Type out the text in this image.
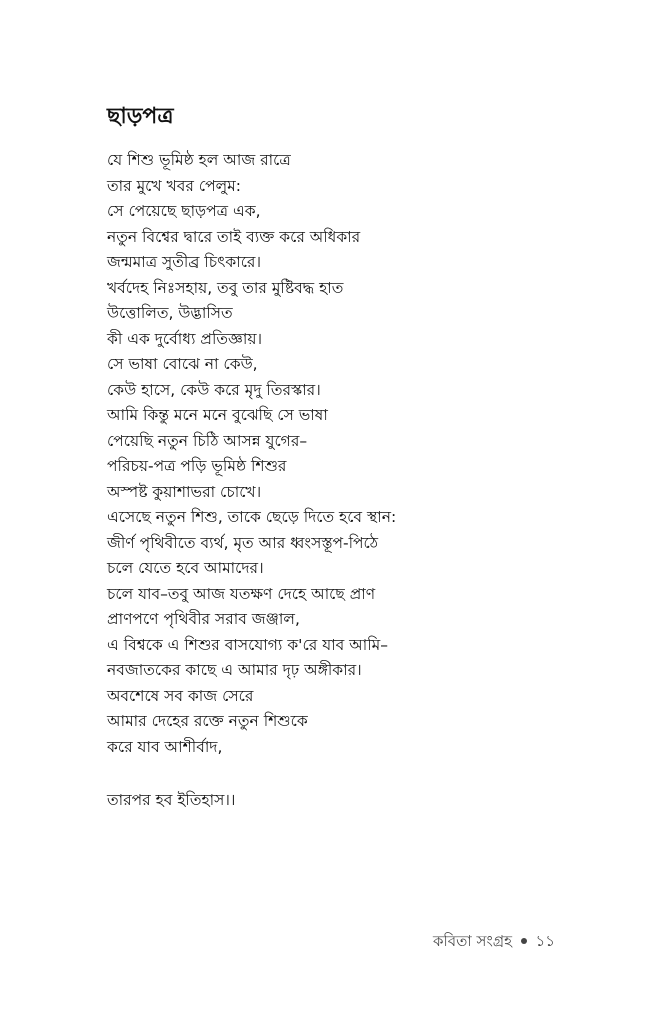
ছাড়পত্র
যে শিশু ভূমিষ্ঠ হল আজ রাত্রে
তার মুখে খবর পেলুম:
সে পেয়েছে ছাড়পত্র এক,
নতুন বিশ্বের দ্বারে তাই ব্যক্ত করে অধিকার
জন্মমাত্র সুতীব্র চিৎকারে।
খর্বদেহ নিঃসহায়, তবু তার মুষ্টিবদ্ধ হাত
উত্তোলিত, উদ্ভাসিত
কী এক দুর্বোধ্য প্রতিজ্ঞায়।
সে ভাষা বোঝে না কেউ,
কেউ হাসে, কেউ করে মৃদু তিরস্কার।
আমি কিন্তু মনে মনে বুঝেছি সে ভাষা
পেয়েছি নতুন চিঠি আসন্ন যুগের–
পরিচয়-পত্র পড়ি ভূমিষ্ঠ শিশুর
অস্পষ্ট কুয়াশাভরা চোখে।
এসেছে নতুন শিশু, তাকে ছেড়ে দিতে হবে স্থান:
জীর্ণ পৃথিবীতে ব্যর্থ, মৃত আর ধ্বংসস্তূপ-পিঠে
চলে যেতে হবে আমাদের।
চলে যাব–তবু আজ যতক্ষণ দেহে আছে প্রাণ
প্রাণপণে পৃথিবীর সরাব জঞ্জাল,
এ বিশ্বকে এ শিশুর বাসযোগ্য ক'রে যাব আমি–
নবজাতকের কাছে এ আমার দৃঢ় অঙ্গীকার।
অবশেষে সব কাজ সেরে
আমার দেহের রক্তে নতুন শিশুকে
করে যাব আশীর্বাদ,
তারপর হব ইতিহাস।।
কবিতা সংগ্রহ ১১
